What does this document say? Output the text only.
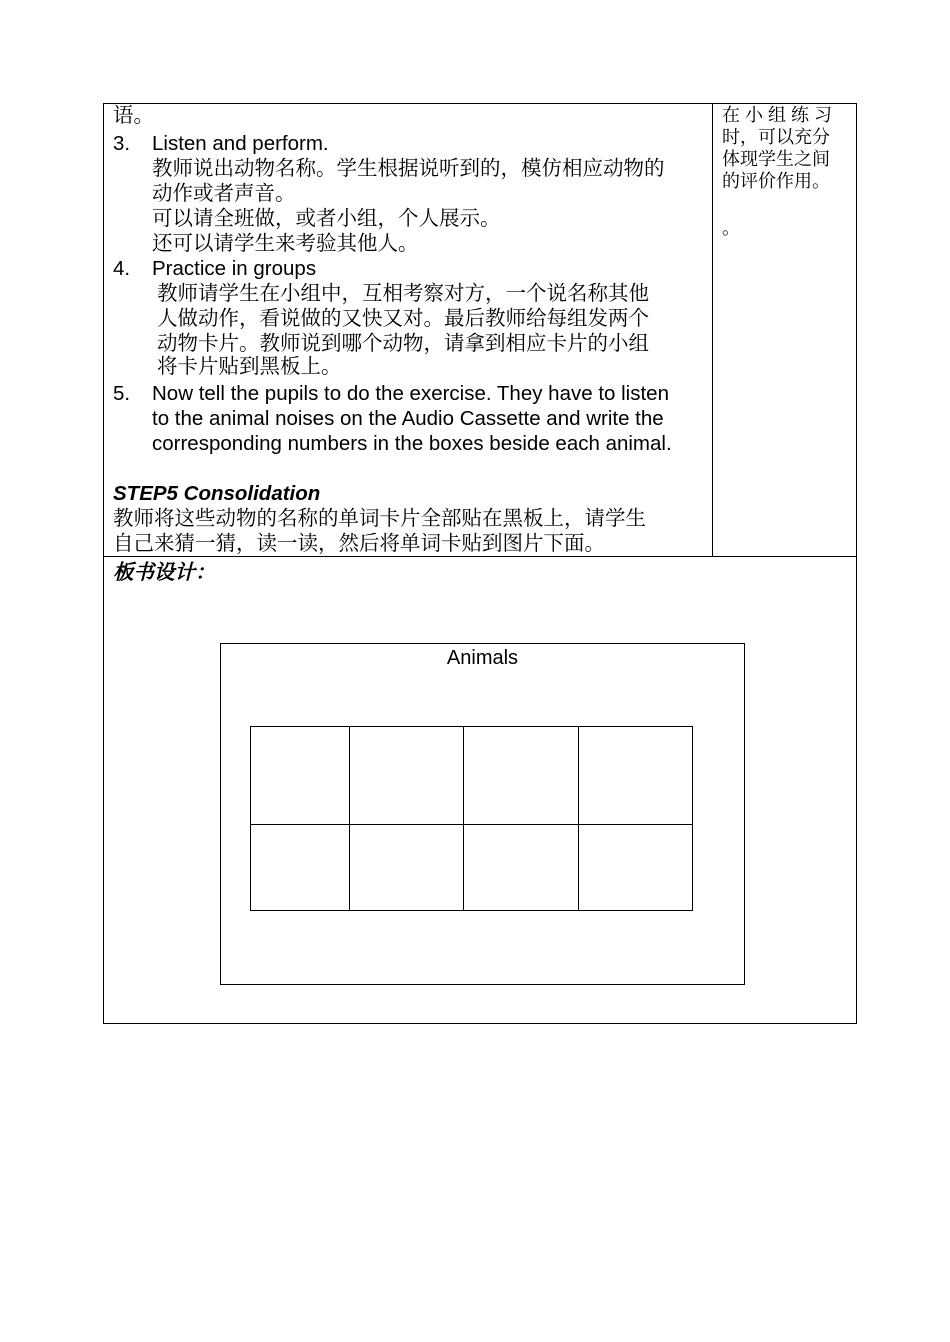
语。
3. Listen and perform.
教师说出动物名称。学生根据说听到的，模仿相应动物的
动作或者声音。
可以请全班做，或者小组，个人展示。
还可以请学生来考验其他人。
4. Practice in groups
教师请学生在小组中，互相考察对方，一个说名称其他
人做动作，看说做的又快又对。最后教师给每组发两个
动物卡片。教师说到哪个动物，请拿到相应卡片的小组
将卡片贴到黑板上。
5. Now tell the pupils to do the exercise. They have to listen
to the animal noises on the Audio Cassette and write the
corresponding numbers in the boxes beside each animal.
STEP5 Consolidation
教师将这些动物的名称的单词卡片全部贴在黑板上，请学生
自己来猜一猜，读一读，然后将单词卡贴到图片下面。
在 小 组 练 习
时，可以充分
体现学生之间
的评价作用。
。
板书设计：
Animals
